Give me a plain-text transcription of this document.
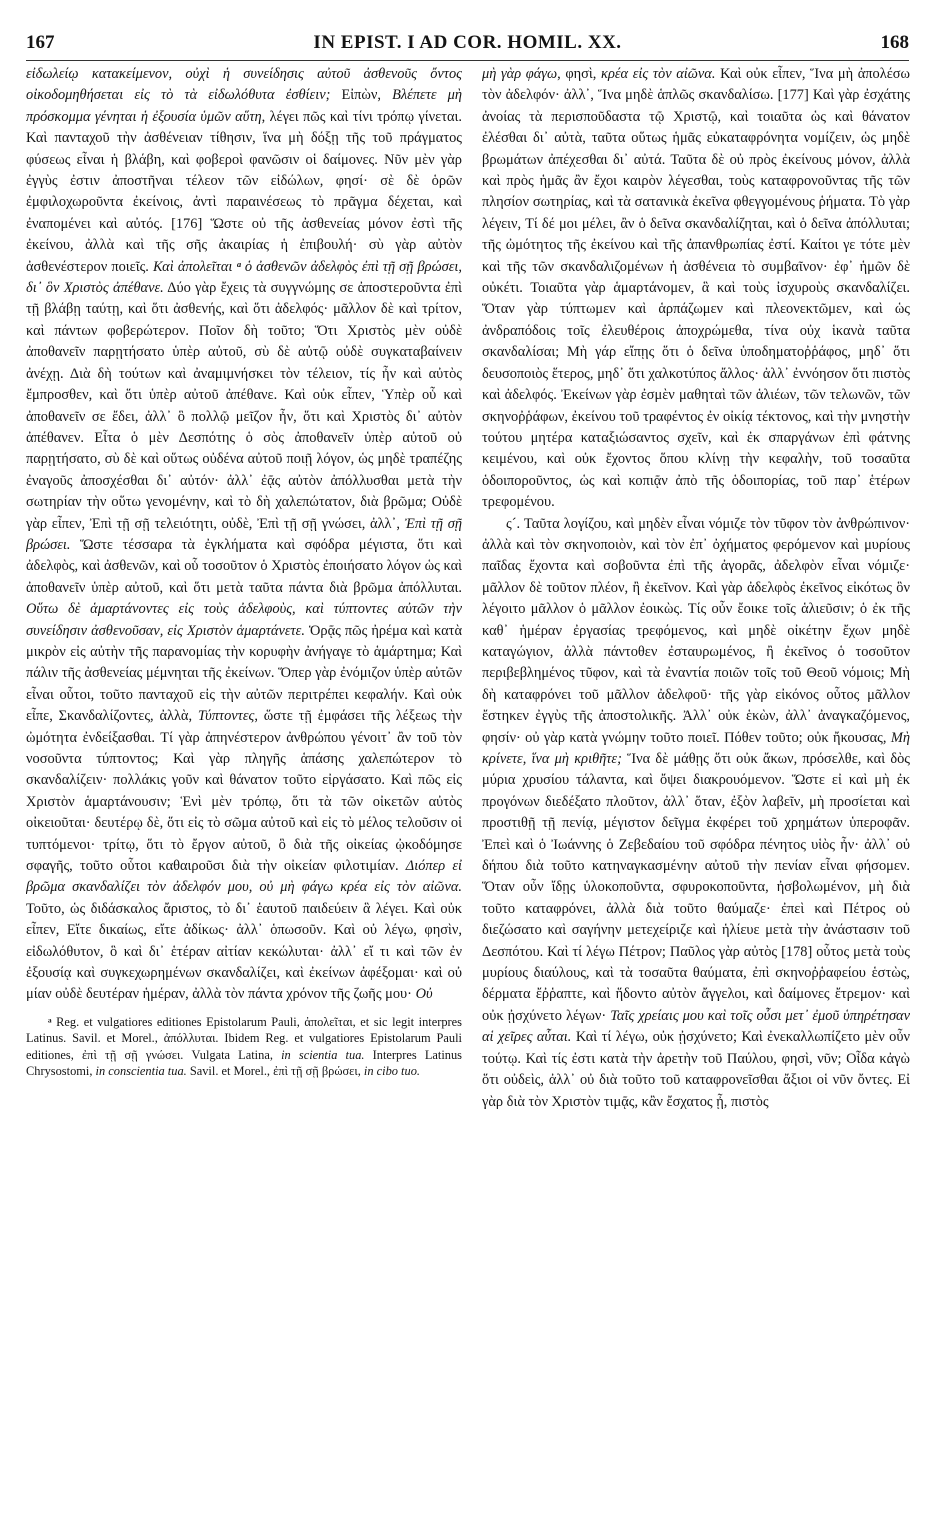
167	IN EPIST. I AD COR. HOMIL. XX.	168

εἰδωλείῳ κατακείμενον, οὐχὶ ἡ συνείδησις αὐτοῦ ἀσθενοῦς ὄντος οἰκοδομηθήσεται εἰς τὸ τὰ εἰδωλόθυτα ἐσθίειν; Εἰπὼν, Βλέπετε μὴ πρόσκομμα γένηται ἡ ἐξουσία ὑμῶν αὕτη, λέγει πῶς καὶ τίνι τρόπῳ γίνεται. Καὶ πανταχοῦ τὴν ἀσθένειαν τίθησιν, ἵνα μὴ δόξῃ τῆς τοῦ πράγματος φύσεως εἶναι ἡ βλάβη, καὶ φοβεροὶ φανῶσιν οἱ δαίμονες. Νῦν μὲν γὰρ ἐγγὺς ἐστιν ἀποστῆναι τέλεον τῶν εἰδώλων, φησί· σὲ δὲ ὁρῶν ἐμφιλοχωροῦντα ἐκείνοις, ἀντὶ παραινέσεως τὸ πρᾶγμα δέχεται, καὶ ἐναπομένει καὶ αὐτός. [176] Ὥστε οὐ τῆς ἀσθενείας μόνον ἐστὶ τῆς ἐκείνου, ἀλλὰ καὶ τῆς σῆς ἀκαιρίας ἡ ἐπιβουλή· σὺ γὰρ αὐτὸν ἀσθενέστερον ποιεῖς. Καὶ ἀπολεῖται ᵃ ὁ ἀσθενῶν ἀδελφὸς ἐπὶ τῇ σῇ βρώσει, δι᾽ ὃν Χριστὸς ἀπέθανε. Δύο γὰρ ἔχεις τὰ συγγνώμης σε ἀποστεροῦντα ἐπὶ τῇ βλάβῃ ταύτῃ, καὶ ὅτι ἀσθενής, καὶ ὅτι ἀδελφός· μᾶλλον δὲ καὶ τρίτον, καὶ πάντων φοβερώτερον. Ποῖον δὴ τοῦτο; Ὅτι Χριστὸς μὲν οὐδὲ ἀποθανεῖν παρῃτήσατο ὑπὲρ αὐτοῦ, σὺ δὲ αὐτῷ οὐδὲ συγκαταβαίνειν ἀνέχῃ. Διὰ δὴ τούτων καὶ ἀναμιμνήσκει τὸν τέλειον, τίς ἦν καὶ αὐτὸς ἔμπροσθεν, καὶ ὅτι ὑπὲρ αὐτοῦ ἀπέθανε. Καὶ οὐκ εἶπεν, Ὑπὲρ οὗ καὶ ἀποθανεῖν σε ἔδει, ἀλλ᾽ ὃ πολλῷ μεῖζον ἦν, ὅτι καὶ Χριστὸς δι᾽ αὐτὸν ἀπέθανεν. Εἶτα ὁ μὲν Δεσπότης ὁ σὸς ἀποθανεῖν ὑπὲρ αὐτοῦ οὐ παρῃτήσατο, σὺ δὲ καὶ οὕτως οὐδένα αὐτοῦ ποιῇ λόγον, ὡς μηδὲ τραπέζης ἐναγοῦς ἀποσχέσθαι δι᾽ αὐτόν· ἀλλ᾽ ἐᾷς αὐτὸν ἀπόλλυσθαι μετὰ τὴν σωτηρίαν τὴν οὕτω γενομένην, καὶ τὸ δὴ χαλεπώτατον, διὰ βρῶμα; Οὐδὲ γὰρ εἶπεν, Ἐπὶ τῇ σῇ τελειότητι, οὐδὲ, Ἐπὶ τῇ σῇ γνώσει, ἀλλ᾽, Ἐπὶ τῇ σῇ βρώσει. Ὥστε τέσσαρα τὰ ἐγκλήματα καὶ σφόδρα μέγιστα, ὅτι καὶ ἀδελφὸς, καὶ ἀσθενῶν, καὶ οὗ τοσοῦτον ὁ Χριστὸς ἐποιήσατο λόγον ὡς καὶ ἀποθανεῖν ὑπὲρ αὐτοῦ, καὶ ὅτι μετὰ ταῦτα πάντα διὰ βρῶμα ἀπόλλυται. Οὕτω δὲ ἁμαρτάνοντες εἰς τοὺς ἀδελφοὺς, καὶ τύπτοντες αὐτῶν τὴν συνείδησιν ἀσθενοῦσαν, εἰς Χριστὸν ἁμαρτάνετε. Ὁρᾷς πῶς ἠρέμα καὶ κατὰ μικρὸν εἰς αὐτὴν τῆς παρανομίας τὴν κορυφὴν ἀνήγαγε τὸ ἁμάρτημα; Καὶ πάλιν τῆς ἀσθενείας μέμνηται τῆς ἐκείνων. Ὅπερ γὰρ ἐνόμιζον ὑπὲρ αὐτῶν εἶναι οὗτοι, τοῦτο πανταχοῦ εἰς τὴν αὐτῶν περιτρέπει κεφαλήν. Καὶ οὐκ εἶπε, Σκανδαλίζοντες, ἀλλὰ, Τύπτοντες, ὥστε τῇ ἐμφάσει τῆς λέξεως τὴν ὠμότητα ἐνδείξασθαι. Τί γὰρ ἀπηνέστερον ἀνθρώπου γένοιτ᾽ ἂν τοῦ τὸν νοσοῦντα τύπτοντος; Καὶ γὰρ πληγῆς ἁπάσης χαλεπώτερον τὸ σκανδαλίζειν· πολλάκις γοῦν καὶ θάνατον τοῦτο εἰργάσατο. Καὶ πῶς εἰς Χριστὸν ἁμαρτάνουσιν; Ἑνὶ μὲν τρόπῳ, ὅτι τὰ τῶν οἰκετῶν αὐτὸς οἰκειοῦται· δευτέρῳ δὲ, ὅτι εἰς τὸ σῶμα αὐτοῦ καὶ εἰς τὸ μέλος τελοῦσιν οἱ τυπτόμενοι· τρίτῳ, ὅτι τὸ ἔργον αὐτοῦ, ὃ διὰ τῆς οἰκείας ᾠκοδόμησε σφαγῆς, τοῦτο οὗτοι καθαιροῦσι διὰ τὴν οἰκείαν φιλοτιμίαν. Διόπερ εἰ βρῶμα σκανδαλίζει τὸν ἀδελφόν μου, οὐ μὴ φάγω κρέα εἰς τὸν αἰῶνα. Τοῦτο, ὡς διδάσκαλος ἄριστος, τὸ δι᾽ ἑαυτοῦ παιδεύειν ἃ λέγει. Καὶ οὐκ εἶπεν, Εἴτε δικαίως, εἴτε ἀδίκως· ἀλλ᾽ ὁπωσοῦν. Καὶ οὐ λέγω, φησὶν, εἰδωλόθυτον, ὃ καὶ δι᾽ ἑτέραν αἰτίαν κεκώλυται· ἀλλ᾽ εἴ τι καὶ τῶν ἐν ἐξουσίᾳ καὶ συγκεχωρημένων σκανδαλίζει, καὶ ἐκείνων ἀφέξομαι· καὶ οὐ μίαν οὐδὲ δευτέραν ἡμέραν, ἀλλὰ τὸν πάντα χρόνον τῆς ζωῆς μου· Οὐ

ᵃ Reg. et vulgatiores editiones Epistolarum Pauli, ἀπολεῖται, et sic legit interpres Latinus. Savil. et Morel., ἀπόλλυται. Ibidem Reg. et vulgatiores Epistolarum Pauli editiones, ἐπὶ τῇ σῇ γνώσει. Vulgata Latina, in scientia tua. Interpres Latinus Chrysostomi, in conscientia tua. Savil. et Morel., ἐπὶ τῇ σῇ βρώσει, in cibo tuo.

μὴ γὰρ φάγω, φησὶ, κρέα εἰς τὸν αἰῶνα. Καὶ οὐκ εἶπεν, Ἵνα μὴ ἀπολέσω τὸν ἀδελφόν· ἀλλ᾽, Ἵνα μηδὲ ἁπλῶς σκανδαλίσω. [177] Καὶ γὰρ ἐσχάτης ἀνοίας τὰ περισποῦδαστα τῷ Χριστῷ, καὶ τοιαῦτα ὡς καὶ θάνατον ἐλέσθαι δι᾽ αὐτὰ, ταῦτα οὕτως ἡμᾶς εὐκαταφρόνητα νομίζειν, ὡς μηδὲ βρωμάτων ἀπέχεσθαι δι᾽ αὐτά. Ταῦτα δὲ οὐ πρὸς ἐκείνους μόνον, ἀλλὰ καὶ πρὸς ἡμᾶς ἂν ἔχοι καιρὸν λέγεσθαι, τοὺς καταφρονοῦντας τῆς τῶν πλησίον σωτηρίας, καὶ τὰ σατανικὰ ἐκεῖνα φθεγγομένους ῥήματα. Τὸ γὰρ λέγειν, Τί δέ μοι μέλει, ἂν ὁ δεῖνα σκανδαλίζηται, καὶ ὁ δεῖνα ἀπόλλυται; τῆς ὠμότητος τῆς ἐκείνου καὶ τῆς ἀπανθρωπίας ἐστί. Καίτοι γε τότε μὲν καὶ τῆς τῶν σκανδαλιζομένων ἡ ἀσθένεια τὸ συμβαῖνον· ἐφ᾽ ἡμῶν δὲ οὐκέτι. Τοιαῦτα γὰρ ἁμαρτάνομεν, ἃ καὶ τοὺς ἰσχυροὺς σκανδαλίζει. Ὅταν γὰρ τύπτωμεν καὶ ἁρπάζωμεν καὶ πλεονεκτῶμεν, καὶ ὡς ἀνδραπόδοις τοῖς ἐλευθέροις ἀποχρώμεθα, τίνα οὐχ ἱκανὰ ταῦτα σκανδαλίσαι; Μὴ γάρ εἴπῃς ὅτι ὁ δεῖνα ὑποδηματοῤῥάφος, μηδ᾽ ὅτι δευσοποιὸς ἕτερος, μηδ᾽ ὅτι χαλκοτύπος ἄλλος· ἀλλ᾽ ἐννόησον ὅτι πιστὸς καὶ ἀδελφός. Ἐκείνων γὰρ ἐσμὲν μαθηταὶ τῶν ἁλιέων, τῶν τελωνῶν, τῶν σκηνοῤῥάφων, ἐκείνου τοῦ τραφέντος ἐν οἰκίᾳ τέκτονος, καὶ τὴν μνηστὴν τούτου μητέρα καταξιώσαντος σχεῖν, καὶ ἐκ σπαργάνων ἐπὶ φάτνης κειμένου, καὶ οὐκ ἔχοντος ὅπου κλίνῃ τὴν κεφαλὴν, τοῦ τοσαῦτα ὁδοιποροῦντος, ὡς καὶ κοπιᾷν ἀπὸ τῆς ὁδοιπορίας, τοῦ παρ᾽ ἑτέρων τρεφομένου.

ς´. Ταῦτα λογίζου, καὶ μηδὲν εἶναι νόμιζε τὸν τῦφον τὸν ἀνθρώπινον· ἀλλὰ καὶ τὸν σκηνοποιὸν, καὶ τὸν ἐπ᾽ ὀχήματος φερόμενον καὶ μυρίους παῖδας ἔχοντα καὶ σοβοῦντα ἐπὶ τῆς ἀγορᾶς, ἀδελφὸν εἶναι νόμιζε· μᾶλλον δὲ τοῦτον πλέον, ἢ ἐκεῖνον. Καὶ γὰρ ἀδελφὸς ἐκεῖνος εἰκότως ὃν λέγοιτο μᾶλλον ὁ μᾶλλον ἐοικὼς. Τίς οὖν ἔοικε τοῖς ἁλιεῦσιν; ὁ ἐκ τῆς καθ᾽ ἡμέραν ἐργασίας τρεφόμενος, καὶ μηδὲ οἰκέτην ἔχων μηδὲ καταγώγιον, ἀλλὰ πάντοθεν ἐσταυρωμένος, ἢ ἐκεῖνος ὁ τοσοῦτον περιβεβλημένος τῦφον, καὶ τὰ ἐναντία ποιῶν τοῖς τοῦ Θεοῦ νόμοις; Μὴ δὴ καταφρόνει τοῦ μᾶλλον ἀδελφοῦ· τῆς γὰρ εἰκόνος οὗτος μᾶλλον ἔστηκεν ἐγγὺς τῆς ἀποστολικῆς. Ἀλλ᾽ οὐκ ἑκὼν, ἀλλ᾽ ἀναγκαζόμενος, φησίν· οὐ γὰρ κατὰ γνώμην τοῦτο ποιεῖ. Πόθεν τοῦτο; οὐκ ἤκουσας, Μὴ κρίνετε, ἵνα μὴ κριθῆτε; Ἵνα δὲ μάθῃς ὅτι οὐκ ἄκων, πρόσελθε, καὶ δὸς μύρια χρυσίου τάλαντα, καὶ ὄψει διακρουόμενον. Ὥστε εἰ καὶ μὴ ἐκ προγόνων διεδέξατο πλοῦτον, ἀλλ᾽ ὅταν, ἐξὸν λαβεῖν, μὴ προσίεται καὶ προστιθῇ τῇ πενίᾳ, μέγιστον δεῖγμα ἐκφέρει τοῦ χρημάτων ὑπεροφᾶν. Ἐπεὶ καὶ ὁ Ἰωάννης ὁ Ζεβεδαίου τοῦ σφόδρα πένητος υἱὸς ἦν· ἀλλ᾽ οὐ δήπου διὰ τοῦτο κατηναγκασμένην αὐτοῦ τὴν πενίαν εἶναι φήσομεν. Ὅταν οὖν ἴδῃς ὑλοκοποῦντα, σφυροκοποῦντα, ἠσβολωμένον, μὴ διὰ τοῦτο καταφρόνει, ἀλλὰ διὰ τοῦτο θαύμαζε· ἐπεὶ καὶ Πέτρος οὐ διεζώσατο καὶ σαγήνην μετεχείριζε καὶ ἡλίευε μετὰ τὴν ἀνάστασιν τοῦ Δεσπότου. Καὶ τί λέγω Πέτρον; Παῦλος γὰρ αὐτὸς [178] οὗτος μετὰ τοὺς μυρίους διαύλους, καὶ τὰ τοσαῦτα θαύματα, ἐπὶ σκηνοῤῥαφείου ἑστὼς, δέρματα ἔῤῥαπτε, καὶ ἥδοντο αὐτὸν ἄγγελοι, καὶ δαίμονες ἔτρεμον· καὶ οὐκ ᾐσχύνετο λέγων· Ταῖς χρείαις μου καὶ τοῖς οὖσι μετ᾽ ἐμοῦ ὑπηρέτησαν αἱ χεῖρες αὗται. Καὶ τί λέγω, οὐκ ᾐσχύνετο; Καὶ ἐνεκαλλωπίζετο μὲν οὖν τούτῳ. Καὶ τίς ἐστι κατὰ τὴν ἀρετὴν τοῦ Παύλου, φησὶ, νῦν; Οἶδα κἀγὼ ὅτι οὐδεὶς, ἀλλ᾽ οὐ διὰ τοῦτο τοῦ καταφρονεῖσθαι ἄξιοι οἱ νῦν ὄντες. Εἰ γὰρ διὰ τὸν Χριστὸν τιμᾷς, κἂν ἔσχατος ᾖ, πιστὸς
